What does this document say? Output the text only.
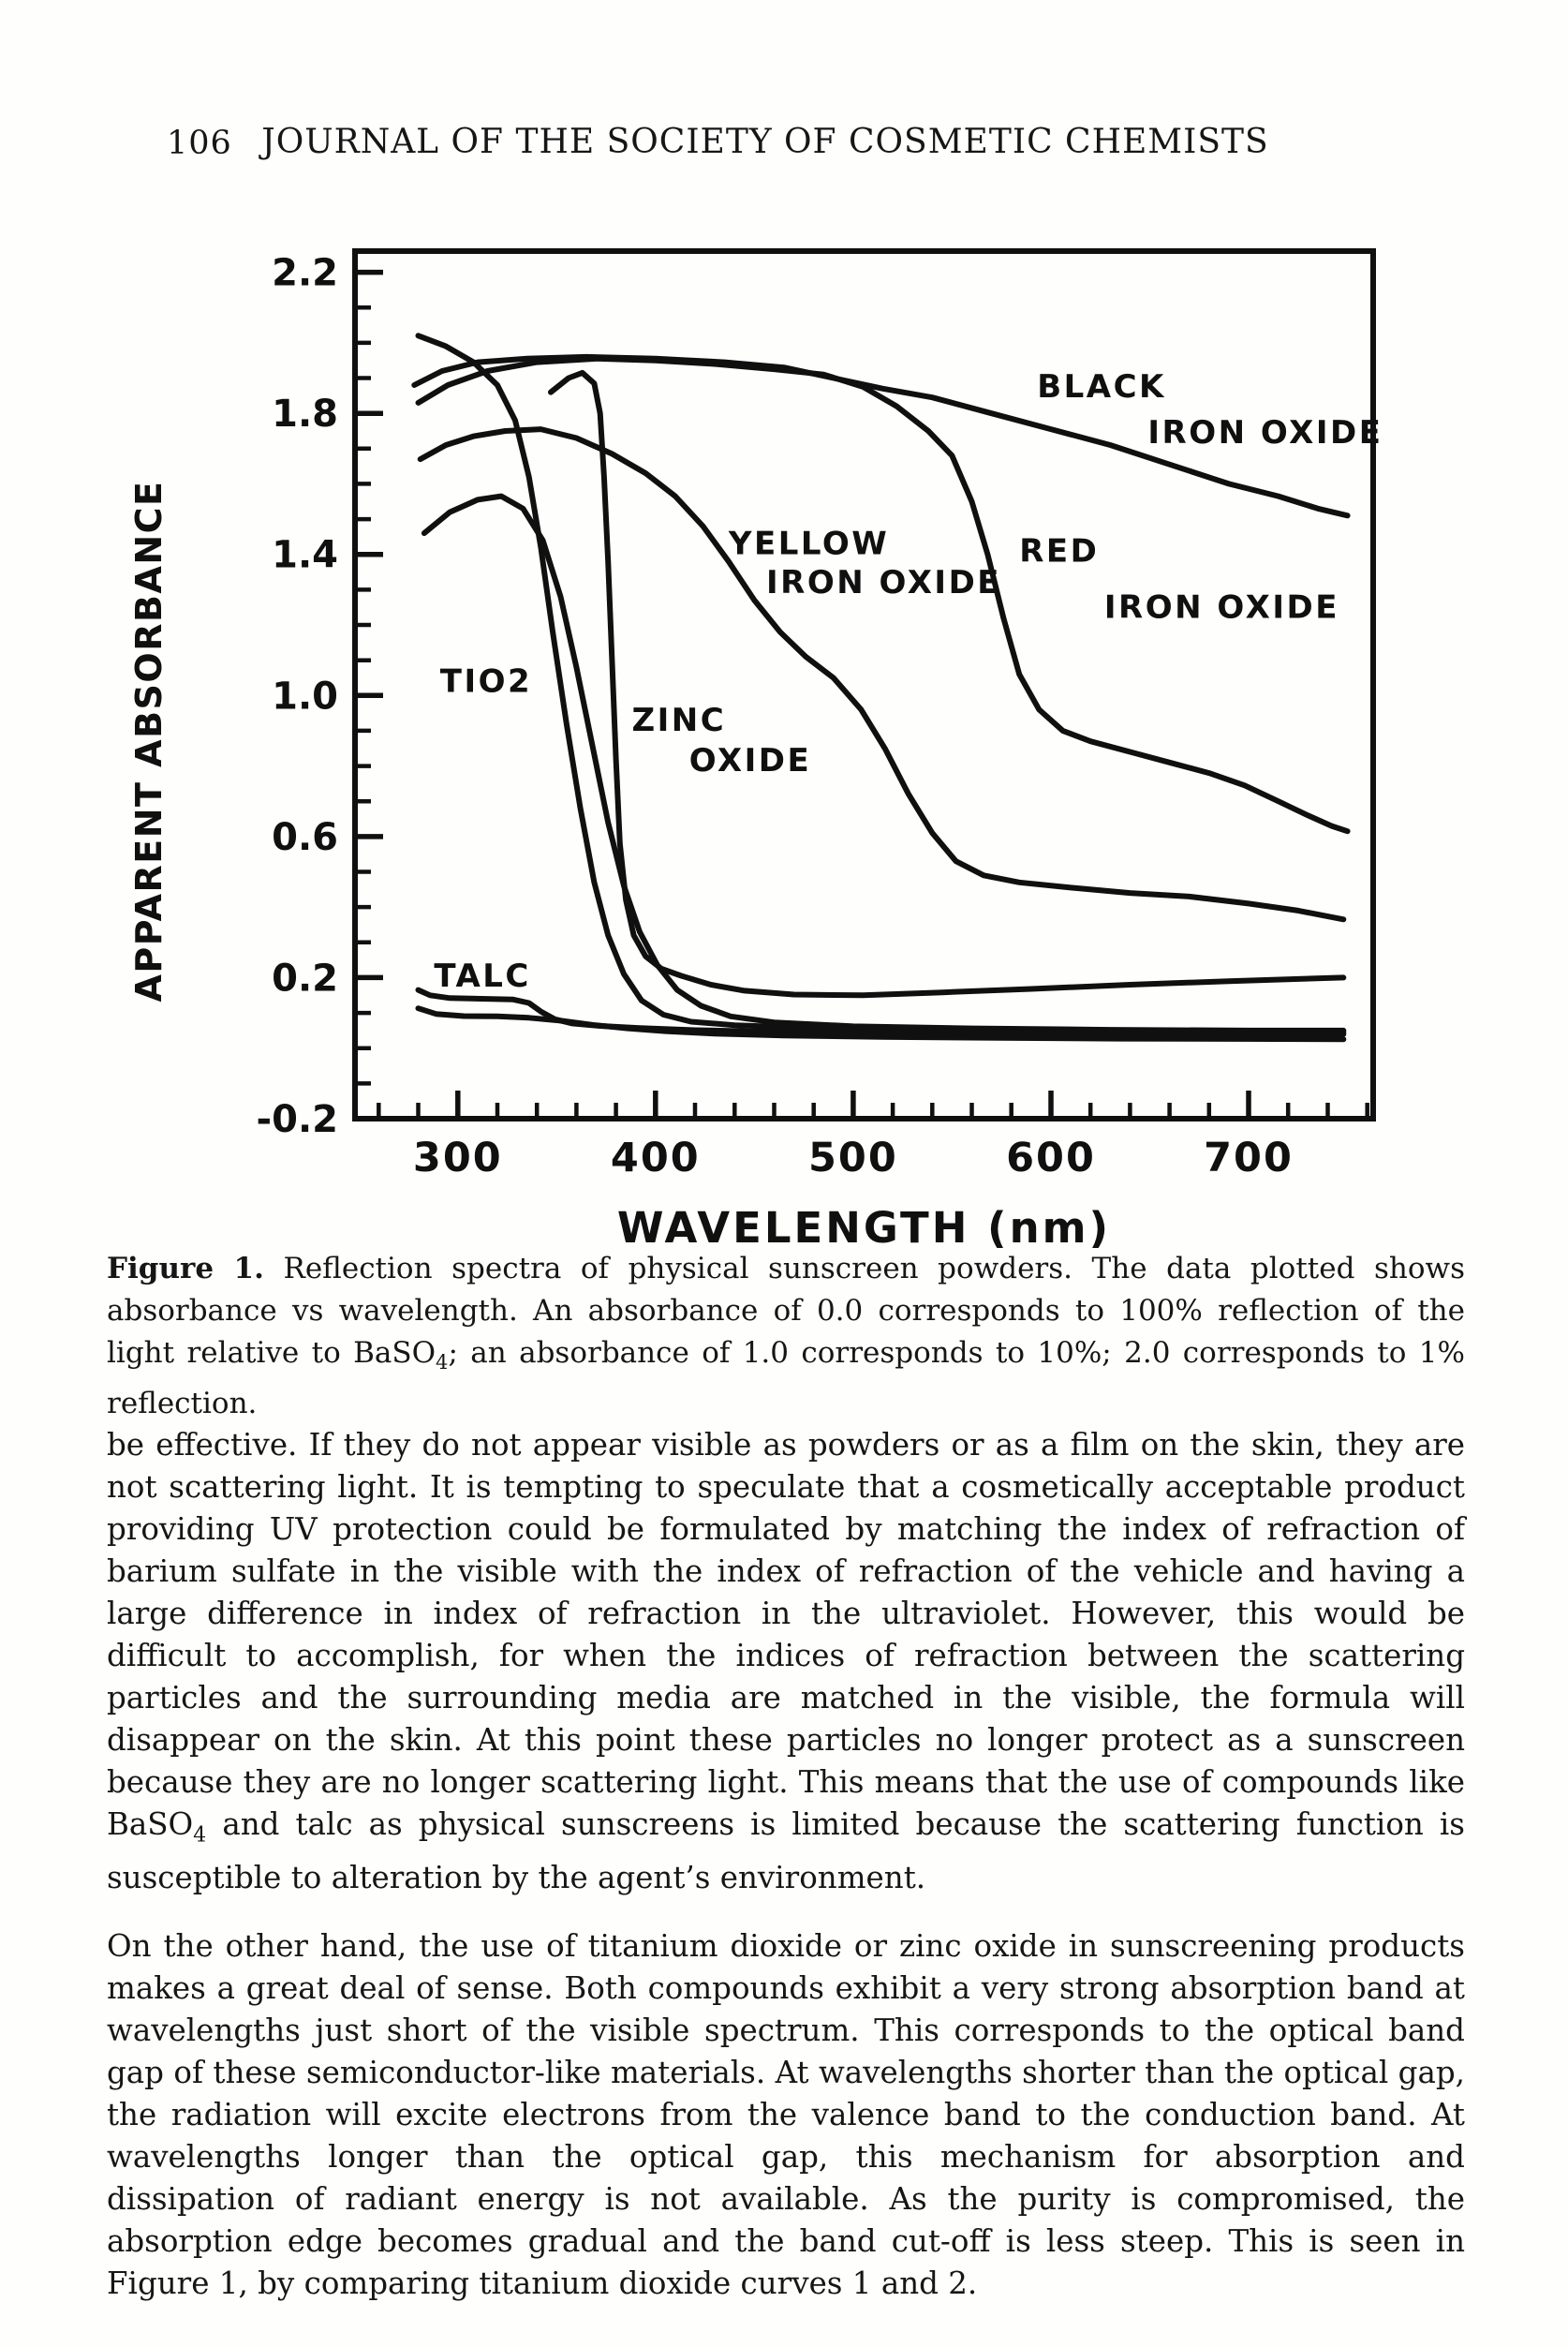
106 JOURNAL OF THE SOCIETY OF COSMETIC CHEMISTS
-0.2
0.2
0.6
1.0
1.4
1.8
2.2
300	400	500	600	700
BLACK
IRON OXIDE
YELLOW
IRON OXIDE
RED
IRON OXIDE
TIO2
ZINC
OXIDE
TALC
WAVELENGTH (nm)
APPARENT ABSORBANCE
Figure 1. Reflection spectra of physical sunscreen powders. The data plotted shows absorbance vs wavelength. An absorbance of 0.0 corresponds to 100% reflection of the light relative to BaSO$_4$; an absorbance of 1.0 corresponds to 10%; 2.0 corresponds to 1% reflection.

be effective. If they do not appear visible as powders or as a film on the skin, they are not scattering light. It is tempting to speculate that a cosmetically acceptable product providing UV protection could be formulated by matching the index of refraction of barium sulfate in the visible with the index of refraction of the vehicle and having a large difference in index of refraction in the ultraviolet. However, this would be difficult to accomplish, for when the indices of refraction between the scattering particles and the surrounding media are matched in the visible, the formula will disappear on the skin. At this point these particles no longer protect as a sunscreen because they are no longer scattering light. This means that the use of compounds like BaSO$_4$ and talc as physical sunscreens is limited because the scattering function is susceptible to alteration by the agent’s environment.

On the other hand, the use of titanium dioxide or zinc oxide in sunscreening products makes a great deal of sense. Both compounds exhibit a very strong absorption band at wavelengths just short of the visible spectrum. This corresponds to the optical band gap of these semiconductor-like materials. At wavelengths shorter than the optical gap, the radiation will excite electrons from the valence band to the conduction band. At wavelengths longer than the optical gap, this mechanism for absorption and dissipation of radiant energy is not available. As the purity is compromised, the absorption edge becomes gradual and the band cut-off is less steep. This is seen in Figure 1, by comparing titanium dioxide curves 1 and 2.
